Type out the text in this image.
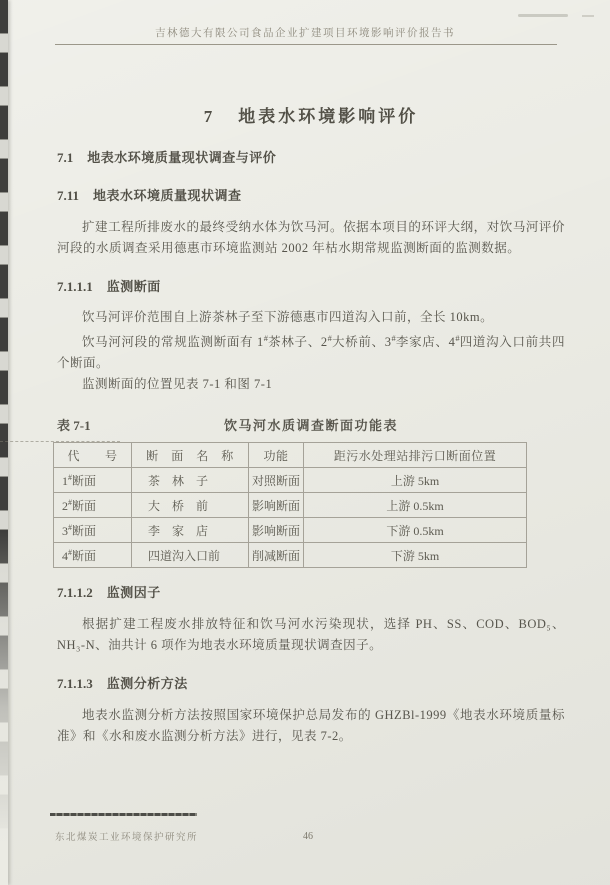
吉林德大有限公司食品企业扩建项目环境影响评价报告书
7 地表水环境影响评价
7.1 地表水环境质量现状调查与评价
7.11 地表水环境质量现状调查

扩建工程所排废水的最终受纳水体为饮马河。依据本项目的环评大纲，对饮马河评价河段的水质调查采用德惠市环境监测站 2002 年枯水期常规监测断面的监测数据。

7.1.1.1 监测断面

饮马河评价范围自上游茶林子至下游德惠市四道沟入口前，全长 10km。

饮马河河段的常规监测断面有 1#茶林子、2#大桥前、3#李家店、4#四道沟入口前共四个断面。

监测断面的位置见表 7-1 和图 7-1

表 7-1	饮马河水质调查断面功能表
代　　号	断　面　名　称	功能	距污水处理站排污口断面位置
1#断面	茶　林　子	对照断面	上游 5km
2#断面	大　桥　前	影响断面	上游 0.5km
3#断面	李　家　店	影响断面	下游 0.5km
4#断面	四道沟入口前	削减断面	下游 5km
7.1.1.2 监测因子

根据扩建工程废水排放特征和饮马河水污染现状，选择 PH、SS、COD、BOD₅、NH₃-N、油共计 6 项作为地表水环境质量现状调查因子。

7.1.1.3 监测分析方法

地表水监测分析方法按照国家环境保护总局发布的 GHZBl-1999《地表水环境质量标准》和《水和废水监测分析方法》进行，见表 7-2。

东北煤炭工业环境保护研究所	46
